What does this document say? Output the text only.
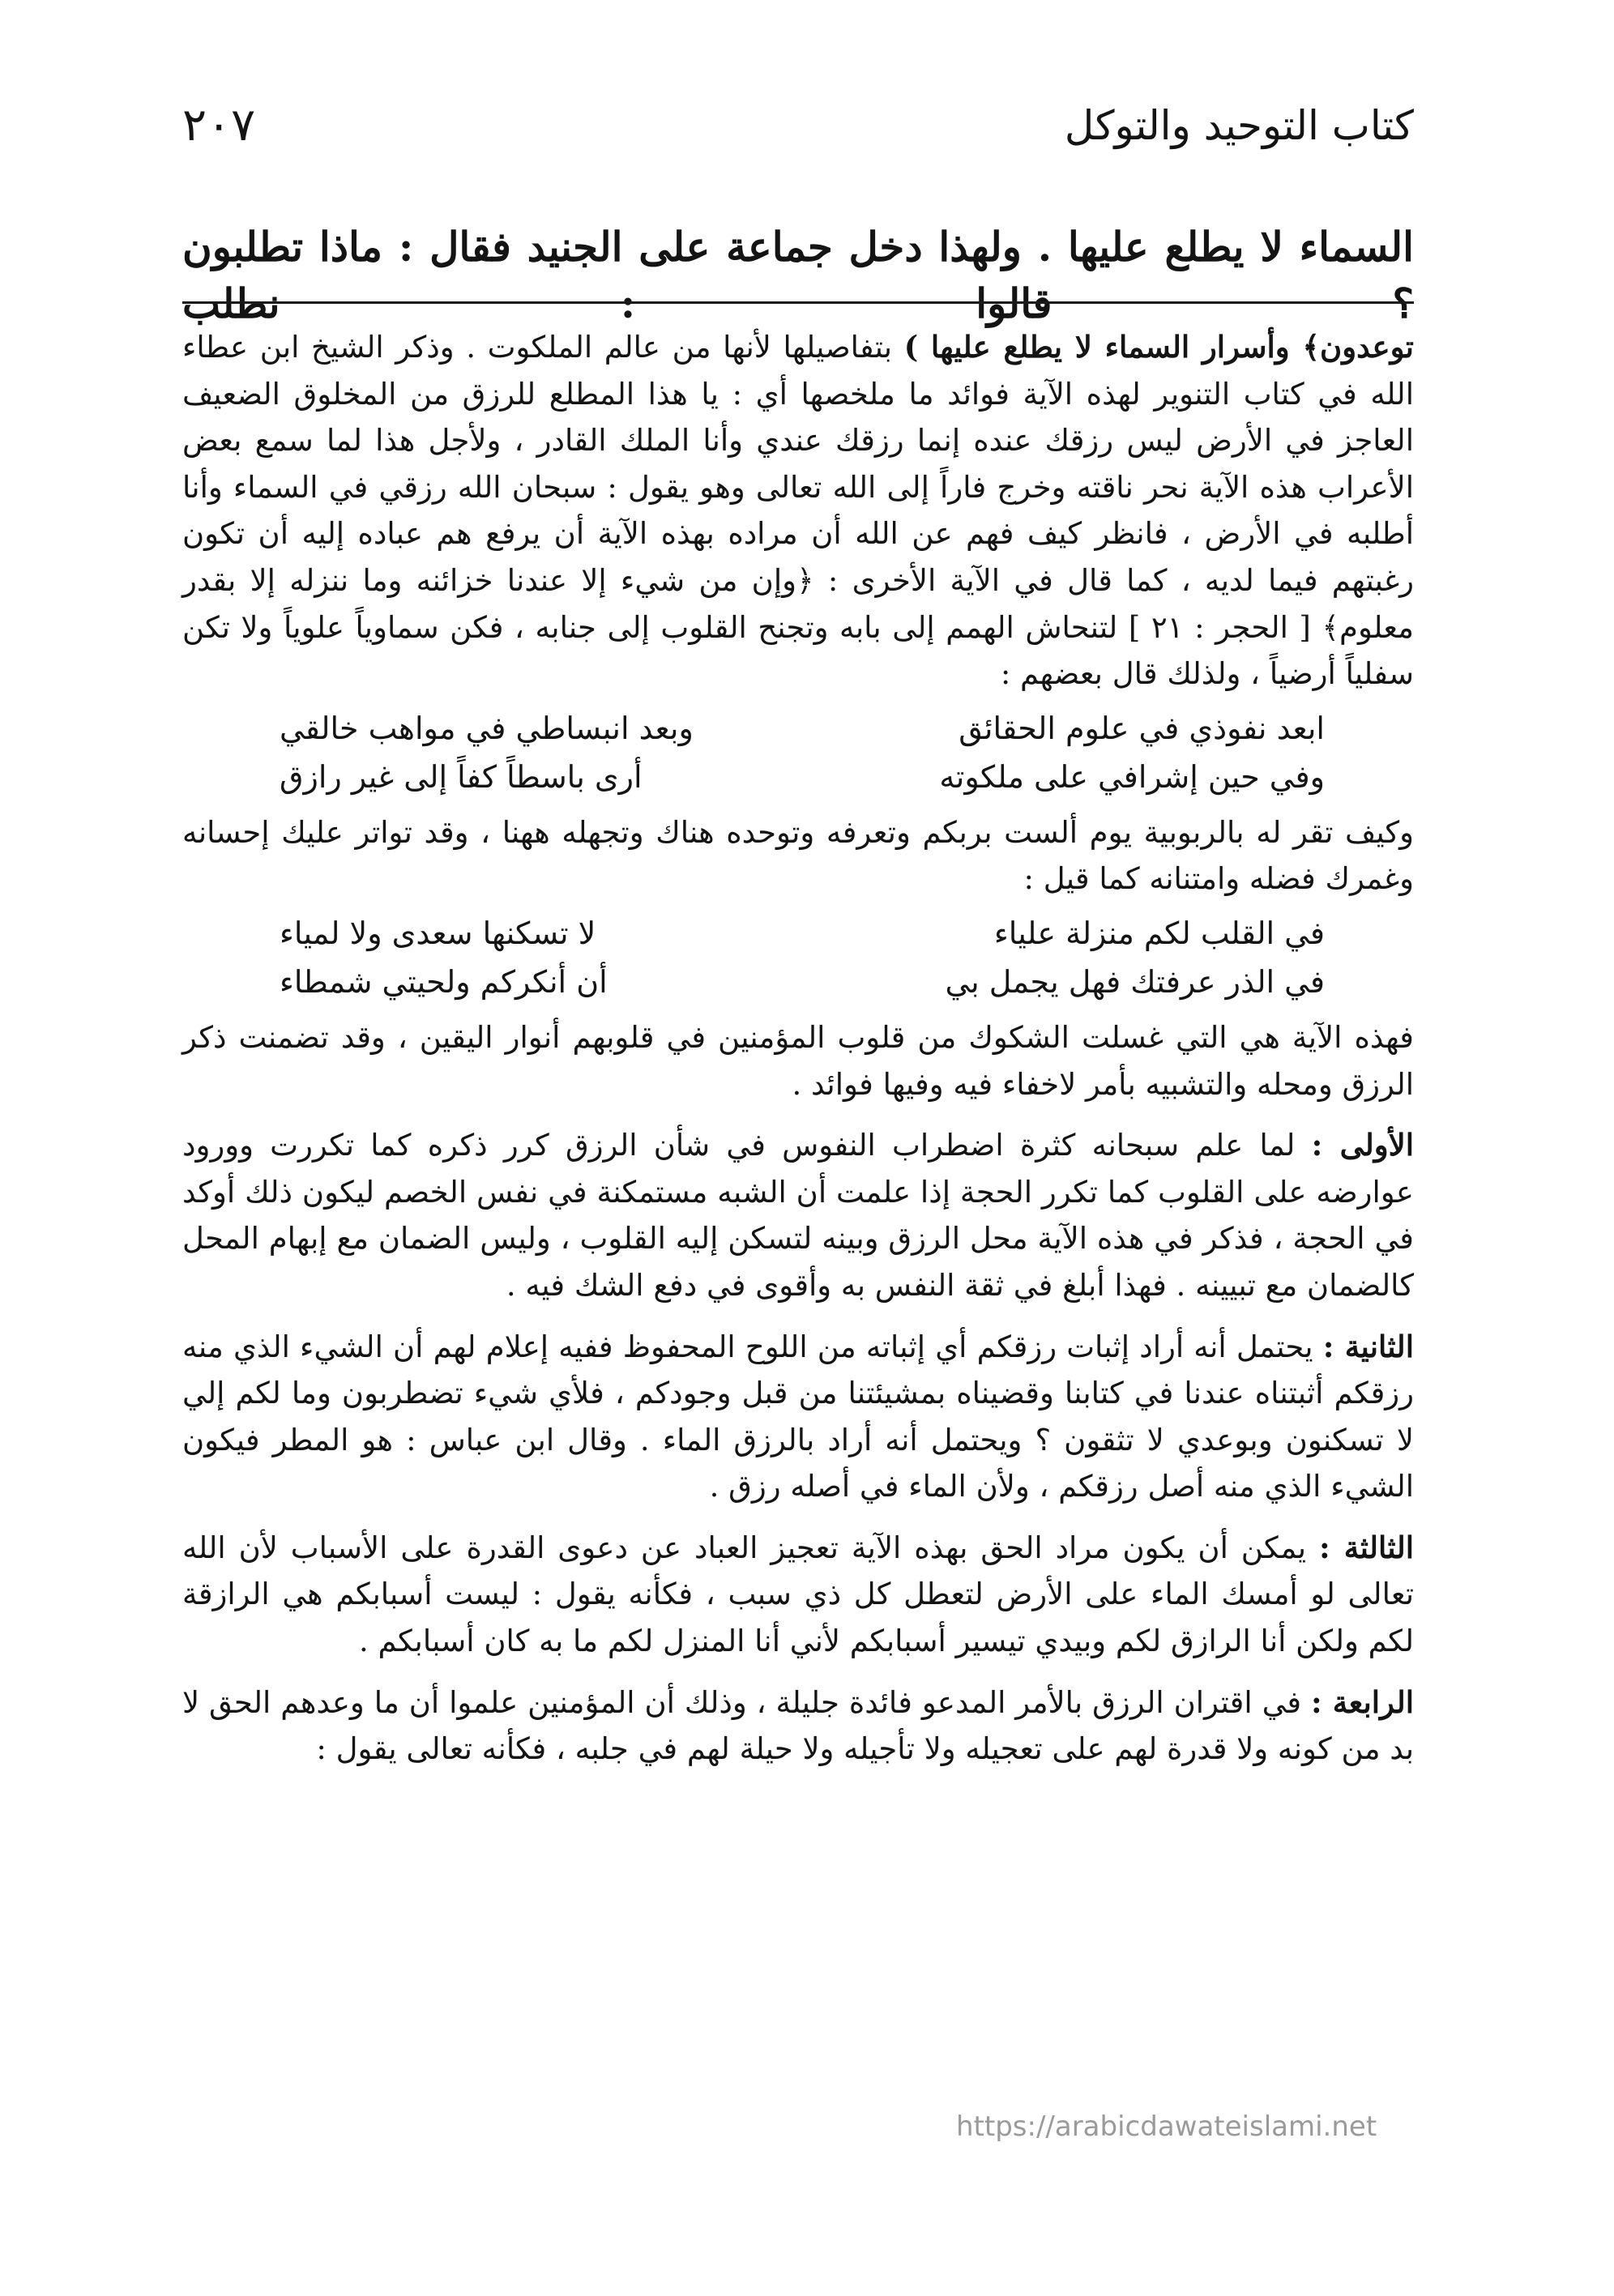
كتاب التوحيد والتوكل
٢٠٧
السماء لا يطلع عليها . ولهذا دخل جماعة على الجنيد فقال : ماذا تطلبون ؟ قالوا : نطلب

توعدون﴾ وأسرار السماء لا يطلع عليها ) بتفاصيلها لأنها من عالم الملكوت . وذكر الشيخ ابن عطاء الله في كتاب التنوير لهذه الآية فوائد ما ملخصها أي : يا هذا المطلع للرزق من المخلوق الضعيف العاجز في الأرض ليس رزقك عنده إنما رزقك عندي وأنا الملك القادر ، ولأجل هذا لما سمع بعض الأعراب هذه الآية نحر ناقته وخرج فاراً إلى الله تعالى وهو يقول : سبحان الله رزقي في السماء وأنا أطلبه في الأرض ، فانظر كيف فهم عن الله أن مراده بهذه الآية أن يرفع هم عباده إليه أن تكون رغبتهم فيما لديه ، كما قال في الآية الأخرى : ﴿وإن من شيء إلا عندنا خزائنه وما ننزله إلا بقدر معلوم﴾ [ الحجر : ٢١ ] لتنحاش الهمم إلى بابه وتجنح القلوب إلى جنابه ، فكن سماوياً علوياً ولا تكن سفلياً أرضياً ، ولذلك قال بعضهم :

ابعد نفوذي في علوم الحقائق
وبعد انبساطي في مواهب خالقي
وفي حين إشرافي على ملكوته
أرى باسطاً كفاً إلى غير رازق

وكيف تقر له بالربوبية يوم ألست بربكم وتعرفه وتوحده هناك وتجهله ههنا ، وقد تواتر عليك إحسانه وغمرك فضله وامتنانه كما قيل :

في القلب لكم منزلة علياء
لا تسكنها سعدى ولا لمياء
في الذر عرفتك فهل يجمل بي
أن أنكركم ولحيتي شمطاء

فهذه الآية هي التي غسلت الشكوك من قلوب المؤمنين في قلوبهم أنوار اليقين ، وقد تضمنت ذكر الرزق ومحله والتشبيه بأمر لاخفاء فيه وفيها فوائد .

الأولى : لما علم سبحانه كثرة اضطراب النفوس في شأن الرزق كرر ذكره كما تكررت وورود عوارضه على القلوب كما تكرر الحجة إذا علمت أن الشبه مستمكنة في نفس الخصم ليكون ذلك أوكد في الحجة ، فذكر في هذه الآية محل الرزق وبينه لتسكن إليه القلوب ، وليس الضمان مع إبهام المحل كالضمان مع تبيينه . فهذا أبلغ في ثقة النفس به وأقوى في دفع الشك فيه .

الثانية : يحتمل أنه أراد إثبات رزقكم أي إثباته من اللوح المحفوظ ففيه إعلام لهم أن الشيء الذي منه رزقكم أثبتناه عندنا في كتابنا وقضيناه بمشيئتنا من قبل وجودكم ، فلأي شيء تضطربون وما لكم إلي لا تسكنون وبوعدي لا تثقون ؟ ويحتمل أنه أراد بالرزق الماء . وقال ابن عباس : هو المطر فيكون الشيء الذي منه أصل رزقكم ، ولأن الماء في أصله رزق .

الثالثة : يمكن أن يكون مراد الحق بهذه الآية تعجيز العباد عن دعوى القدرة على الأسباب لأن الله تعالى لو أمسك الماء على الأرض لتعطل كل ذي سبب ، فكأنه يقول : ليست أسبابكم هي الرازقة لكم ولكن أنا الرازق لكم وبيدي تيسير أسبابكم لأني أنا المنزل لكم ما به كان أسبابكم .

الرابعة : في اقتران الرزق بالأمر المدعو فائدة جليلة ، وذلك أن المؤمنين علموا أن ما وعدهم الحق لا بد من كونه ولا قدرة لهم على تعجيله ولا تأجيله ولا حيلة لهم في جلبه ، فكأنه تعالى يقول :

https://arabicdawateislami.net
